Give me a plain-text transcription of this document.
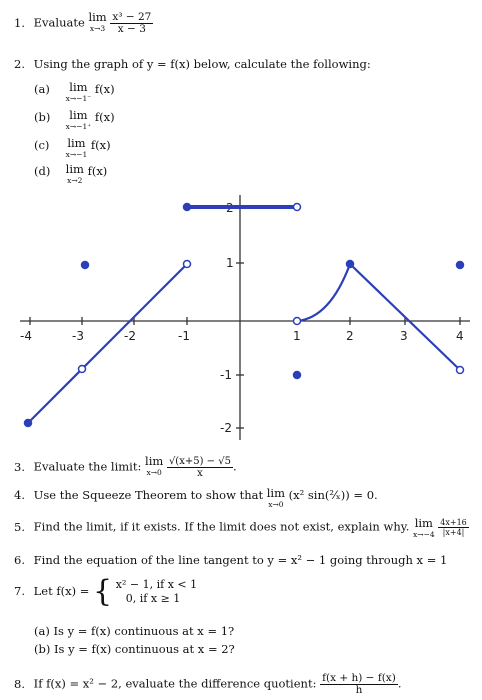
1. Evaluate lim
x→3
$\frac{\text{x³ − 27}}{x - 3}$
2. Using the graph of y = f(x) below, calculate the following:
(a) lim
x→−1⁻
f(x)
(b) lim
x→−1⁺
f(x)
(c) lim
x→−1
f(x)
(d) lim
x→2
f(x)
-4	-3	-2	-1	1	2	3	4
2
1
-1
-2
3. Evaluate the limit: lim
x→0
$\frac{√(x+5) - √5}{x}$ .
4. Use the Squeeze Theorem to show that lim
x→0
(x² sin(²⁄ₓ)) = 0.
5. Find the limit, if it exists. If the limit does not exist, explain why. lim
x→−4
$\frac{4x+16}{|x+4|}$
6. Find the equation of the line tangent to y = x² − 1 going through x = 1
7. Let f(x) = { x² − 1, if x < 1
0, if x ≥ 1
(a) Is y = f(x) continuous at x = 1?
(b) Is y = f(x) continuous at x = 2?
8. If f(x) = x² − 2, evaluate the difference quotient: $\frac{f(x + h) - f(x)}{h}$ .
